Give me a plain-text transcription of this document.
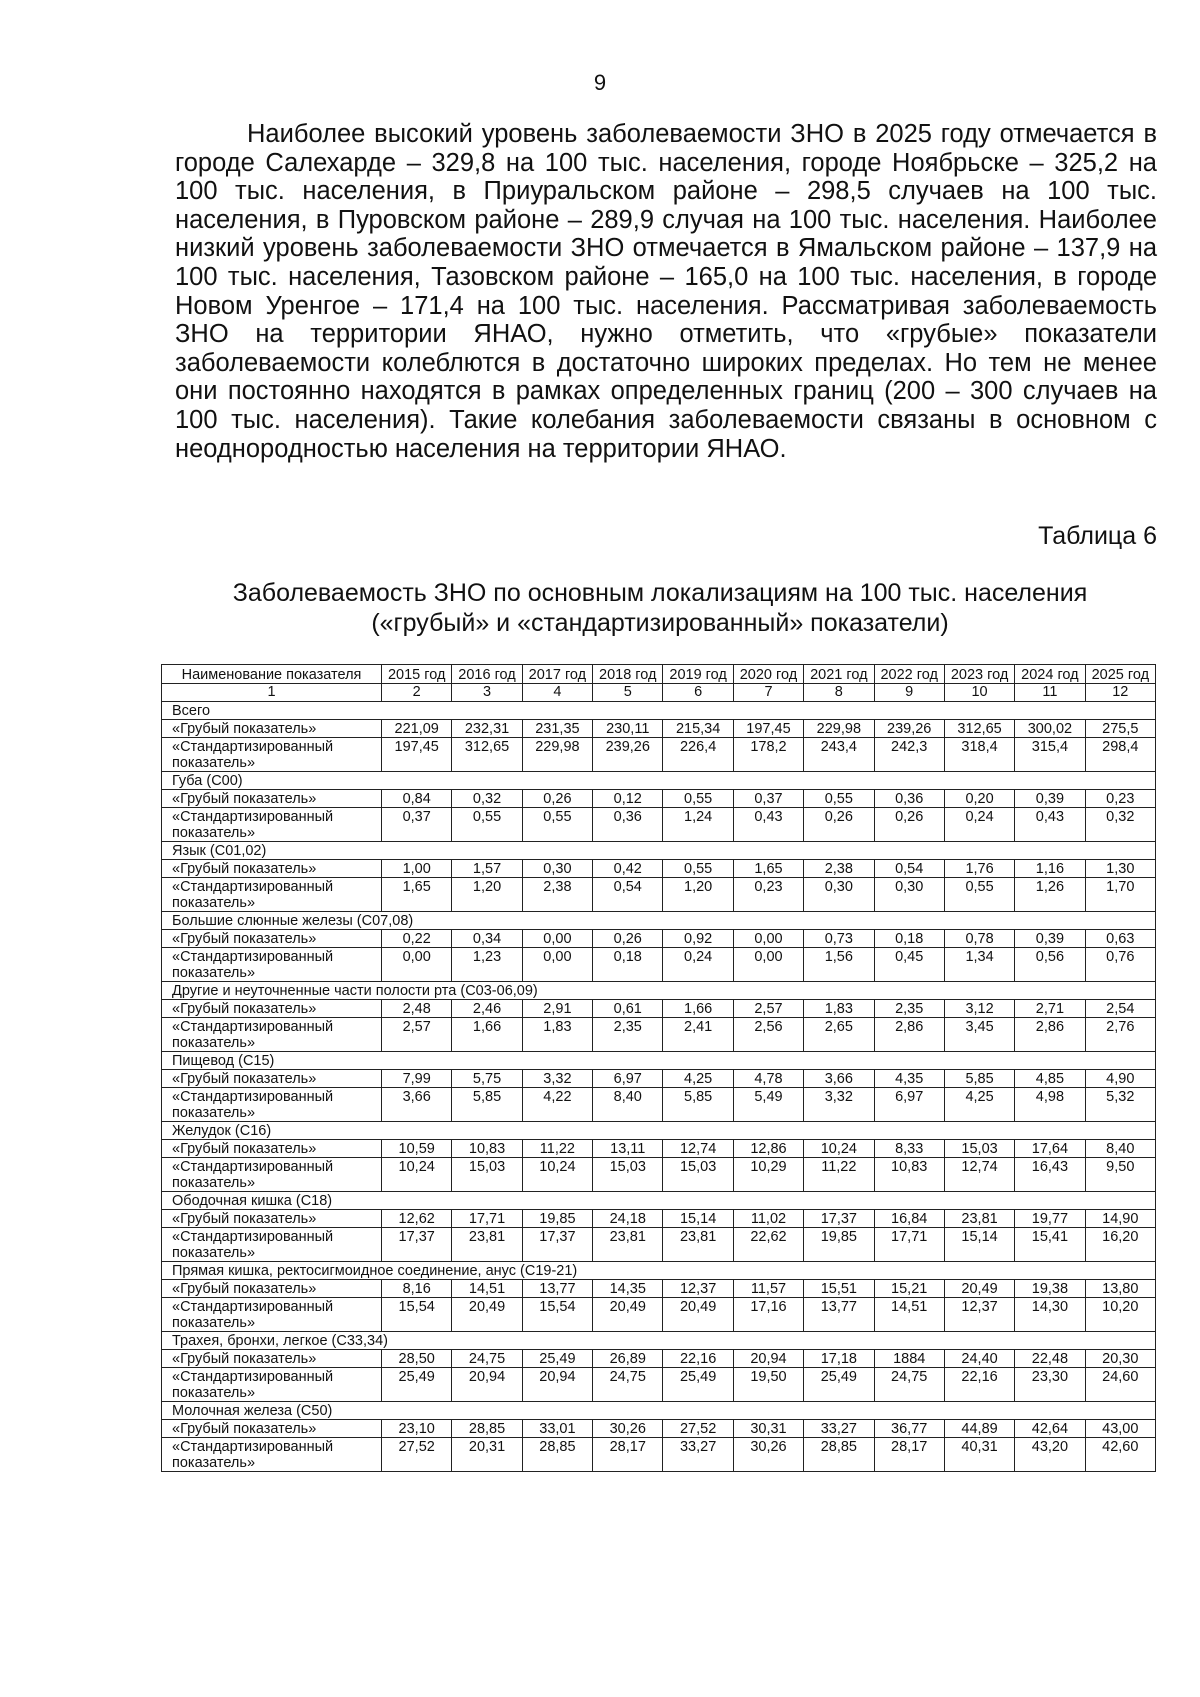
9

Наиболее высокий уровень заболеваемости ЗНО в 2025 году отмечается в городе Салехарде – 329,8 на 100 тыс. населения, городе Ноябрьске – 325,2 на 100 тыс. населения, в Приуральском районе – 298,5 случаев на 100 тыс. населения, в Пуровском районе – 289,9 случая на 100 тыс. населения. Наиболее низкий уровень заболеваемости ЗНО отмечается в Ямальском районе – 137,9 на 100 тыс. населения, Тазовском районе – 165,0 на 100 тыс. населения, в городе Новом Уренгое – 171,4 на 100 тыс. населения. Рассматривая заболеваемость ЗНО на территории ЯНАО, нужно отметить, что «грубые» показатели заболеваемости колеблются в достаточно широких пределах. Но тем не менее они постоянно находятся в рамках определенных границ (200 – 300 случаев на 100 тыс. населения). Такие колебания заболеваемости связаны в основном с неоднородностью населения на территории ЯНАО.

Таблица 6
Заболеваемость ЗНО по основным локализациям на 100 тыс. населения
(«грубый» и «стандартизированный» показатели)
Наименование показателя	2015 год	2016 год	2017 год	2018 год	2019 год	2020 год	2021 год	2022 год	2023 год	2024 год	2025 год
1	2	3	4	5	6	7	8	9	10	11	12
Всего											
«Грубый показатель»	221,09	232,31	231,35	230,11	215,34	197,45	229,98	239,26	312,65	300,02	275,5
«Стандартизированный показатель»	197,45	312,65	229,98	239,26	226,4	178,2	243,4	242,3	318,4	315,4	298,4
Губа (С00)											
«Грубый показатель»	0,84	0,32	0,26	0,12	0,55	0,37	0,55	0,36	0,20	0,39	0,23
«Стандартизированный показатель»	0,37	0,55	0,55	0,36	1,24	0,43	0,26	0,26	0,24	0,43	0,32
Язык (С01,02)											
«Грубый показатель»	1,00	1,57	0,30	0,42	0,55	1,65	2,38	0,54	1,76	1,16	1,30
«Стандартизированный показатель»	1,65	1,20	2,38	0,54	1,20	0,23	0,30	0,30	0,55	1,26	1,70
Большие слюнные железы (С07,08)											
«Грубый показатель»	0,22	0,34	0,00	0,26	0,92	0,00	0,73	0,18	0,78	0,39	0,63
«Стандартизированный показатель»	0,00	1,23	0,00	0,18	0,24	0,00	1,56	0,45	1,34	0,56	0,76
Другие и неуточненные части полости рта (С03-06,09)											
«Грубый показатель»	2,48	2,46	2,91	0,61	1,66	2,57	1,83	2,35	3,12	2,71	2,54
«Стандартизированный показатель»	2,57	1,66	1,83	2,35	2,41	2,56	2,65	2,86	3,45	2,86	2,76
Пищевод (С15)											
«Грубый показатель»	7,99	5,75	3,32	6,97	4,25	4,78	3,66	4,35	5,85	4,85	4,90
«Стандартизированный показатель»	3,66	5,85	4,22	8,40	5,85	5,49	3,32	6,97	4,25	4,98	5,32
Желудок (С16)											
«Грубый показатель»	10,59	10,83	11,22	13,11	12,74	12,86	10,24	8,33	15,03	17,64	8,40
«Стандартизированный показатель»	10,24	15,03	10,24	15,03	15,03	10,29	11,22	10,83	12,74	16,43	9,50
Ободочная кишка (С18)											
«Грубый показатель»	12,62	17,71	19,85	24,18	15,14	11,02	17,37	16,84	23,81	19,77	14,90
«Стандартизированный показатель»	17,37	23,81	17,37	23,81	23,81	22,62	19,85	17,71	15,14	15,41	16,20
Прямая кишка, ректосигмоидное соединение, анус (С19-21)											
«Грубый показатель»	8,16	14,51	13,77	14,35	12,37	11,57	15,51	15,21	20,49	19,38	13,80
«Стандартизированный показатель»	15,54	20,49	15,54	20,49	20,49	17,16	13,77	14,51	12,37	14,30	10,20
Трахея, бронхи, легкое (С33,34)											
«Грубый показатель»	28,50	24,75	25,49	26,89	22,16	20,94	17,18	1884	24,40	22,48	20,30
«Стандартизированный показатель»	25,49	20,94	20,94	24,75	25,49	19,50	25,49	24,75	22,16	23,30	24,60
Молочная железа (С50)											
«Грубый показатель»	23,10	28,85	33,01	30,26	27,52	30,31	33,27	36,77	44,89	42,64	43,00
«Стандартизированный показатель»	27,52	20,31	28,85	28,17	33,27	30,26	28,85	28,17	40,31	43,20	42,60
